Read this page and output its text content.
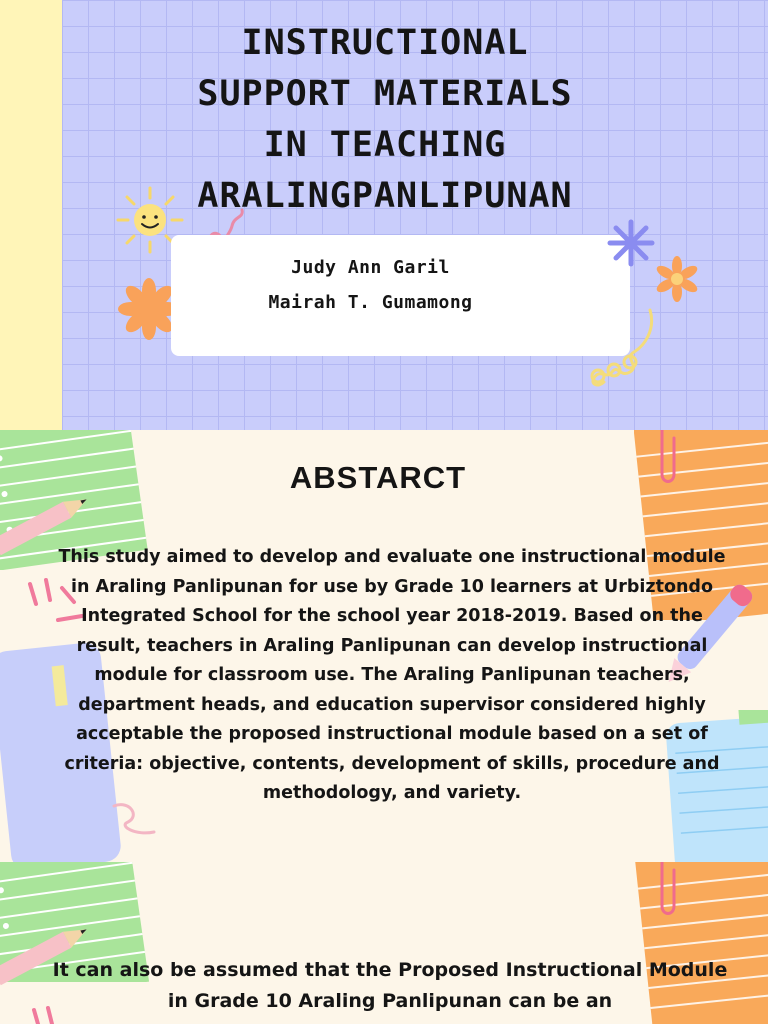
INSTRUCTIONAL
SUPPORT MATERIALS
IN TEACHING
ARALINGPANLIPUNAN
Judy Ann Garil
Mairah T. Gumamong
ABSTARCT

This study aimed to develop and evaluate one instructional module in Araling Panlipunan for use by Grade 10 learners at Urbiztondo Integrated School for the school year 2018-2019. Based on the result, teachers in Araling Panlipunan can develop instructional module for classroom use. The Araling Panlipunan teachers, department heads, and education supervisor considered highly acceptable the proposed instructional module based on a set of criteria: objective, contents, development of skills, procedure and methodology, and variety.

It can also be assumed that the Proposed Instructional Module in Grade 10 Araling Panlipunan can be an
